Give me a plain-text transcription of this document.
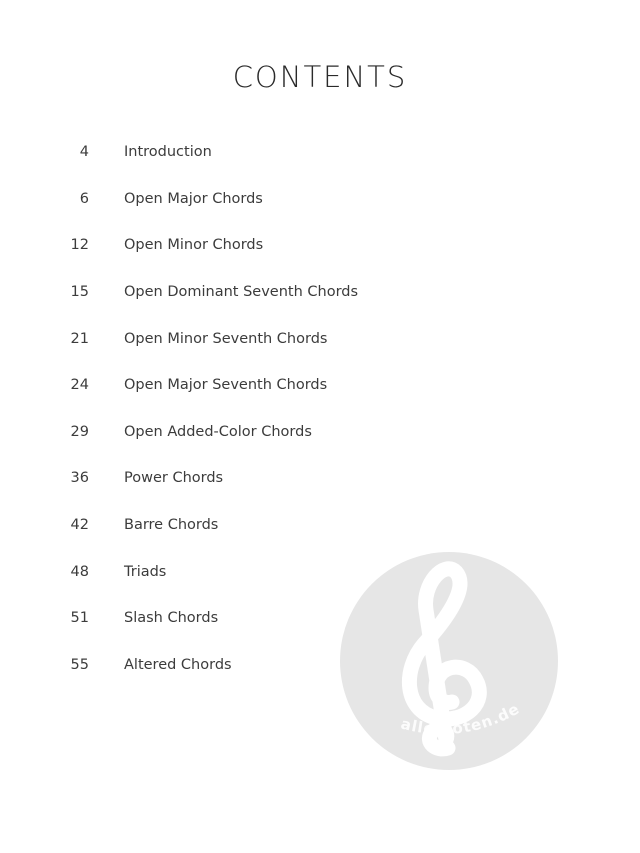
CONTENTS
4 Introduction
6 Open Major Chords
12 Open Minor Chords
15 Open Dominant Seventh Chords
21 Open Minor Seventh Chords
24 Open Major Seventh Chords
29 Open Added-Color Chords
36 Power Chords
42 Barre Chords
48 Triads
51 Slash Chords
55 Altered Chords
alle-noten.de
